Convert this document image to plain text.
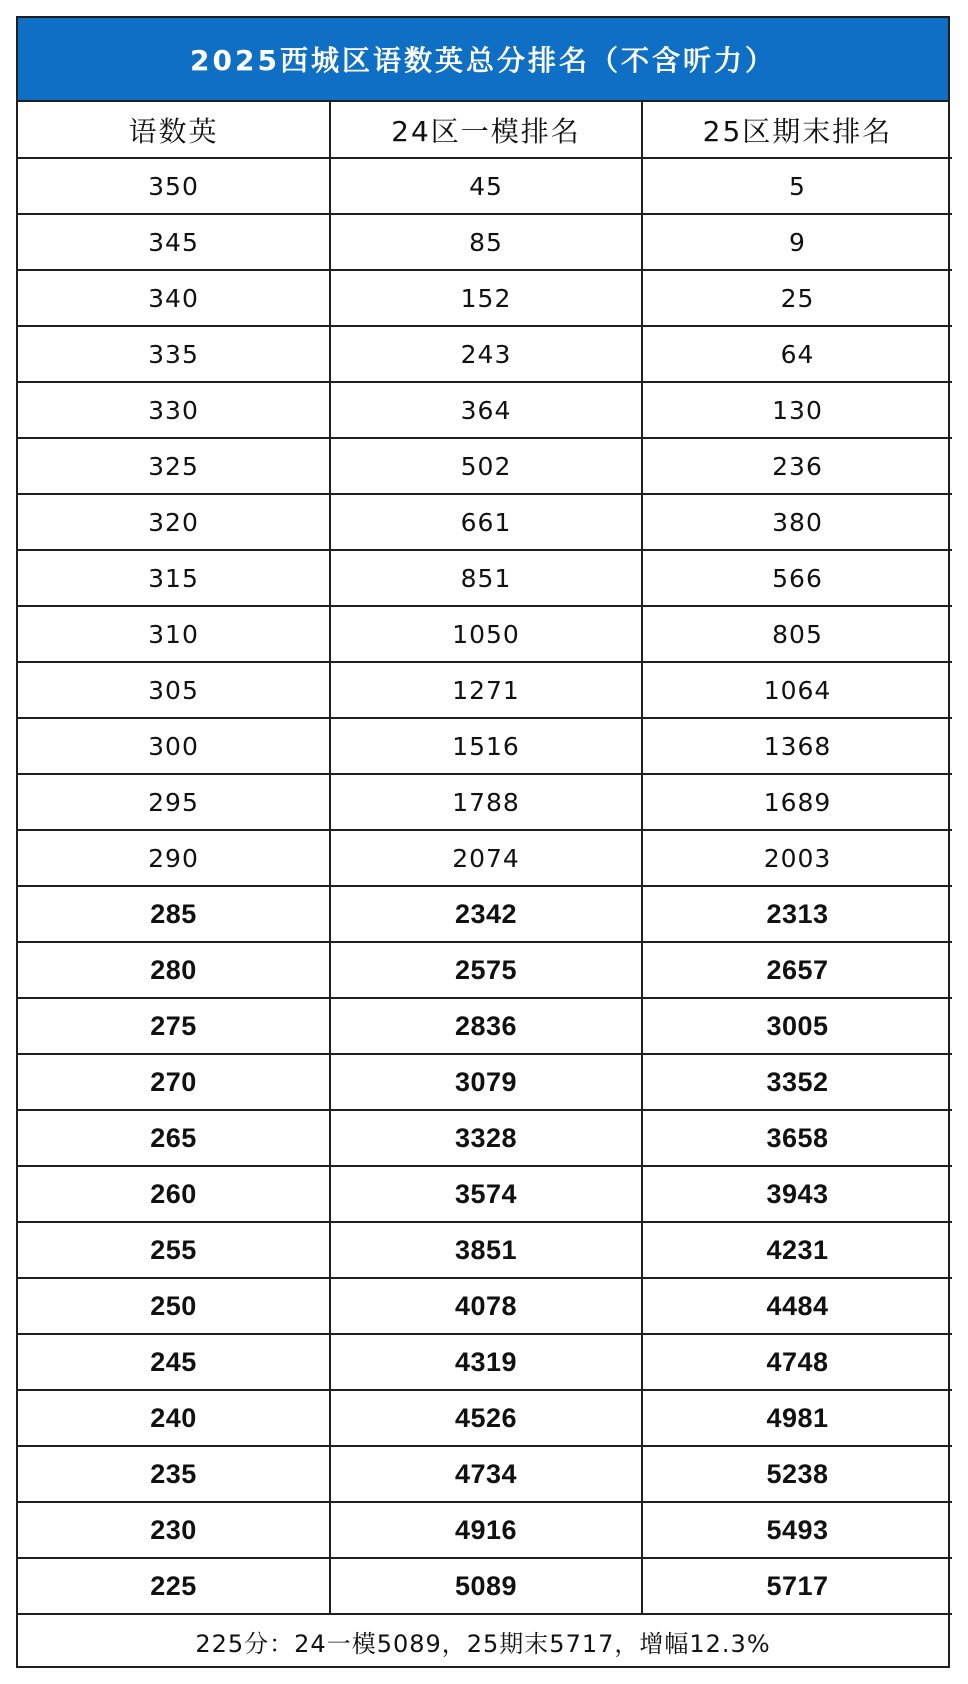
2025西城区语数英总分排名（不含听力）
语数英	24区一模排名	25区期末排名
350	45	5
345	85	9
340	152	25
335	243	64
330	364	130
325	502	236
320	661	380
315	851	566
310	1050	805
305	1271	1064
300	1516	1368
295	1788	1689
290	2074	2003
285	2342	2313
280	2575	2657
275	2836	3005
270	3079	3352
265	3328	3658
260	3574	3943
255	3851	4231
250	4078	4484
245	4319	4748
240	4526	4981
235	4734	5238
230	4916	5493
225	5089	5717
225分：24一模5089，25期末5717，增幅12.3%
